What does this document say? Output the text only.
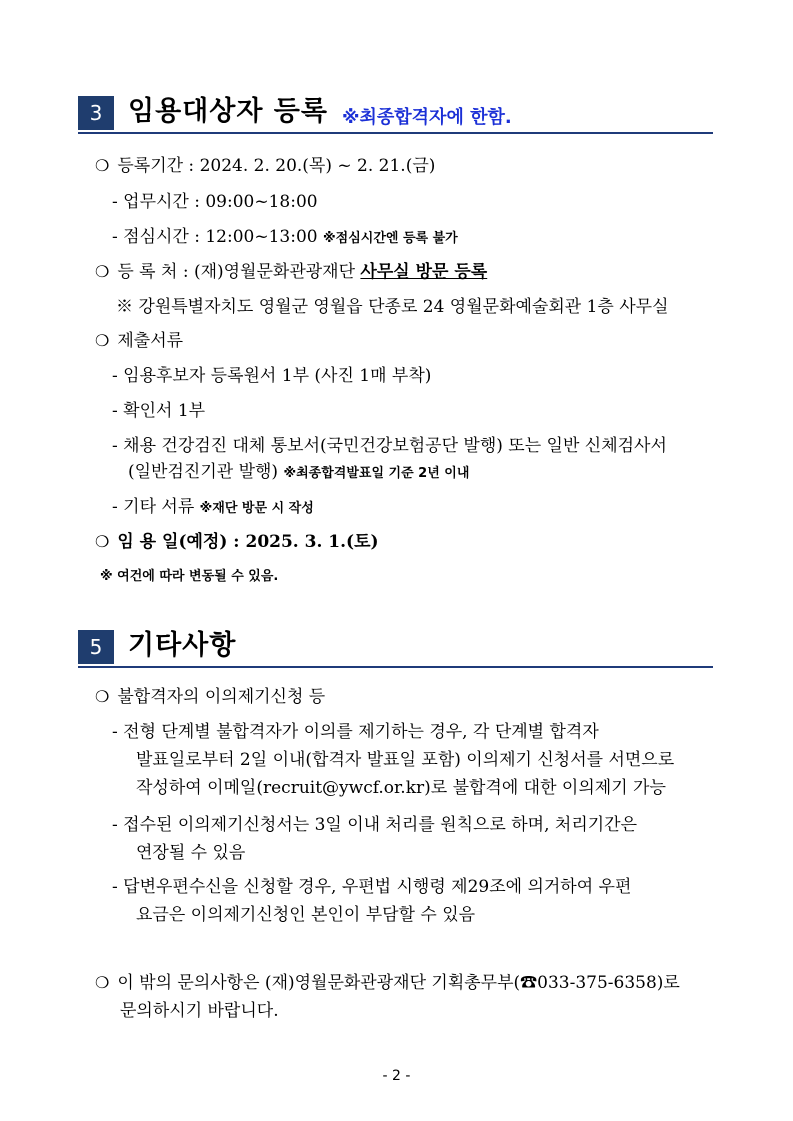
3 임용대상자 등록 ※최종합격자에 한함.
❍ 등록기간 : 2024. 2. 20.(목) ~ 2. 21.(금)
- 업무시간 : 09:00~18:00
- 점심시간 : 12:00~13:00 ※점심시간엔 등록 불가
❍ 등 록 처 : (재)영월문화관광재단 사무실 방문 등록
※ 강원특별자치도 영월군 영월읍 단종로 24 영월문화예술회관 1층 사무실
❍ 제출서류
- 임용후보자 등록원서 1부 (사진 1매 부착)
- 확인서 1부
- 채용 건강검진 대체 통보서(국민건강보험공단 발행) 또는 일반 신체검사서
(일반검진기관 발행) ※최종합격발표일 기준 2년 이내
- 기타 서류 ※재단 방문 시 작성
❍ 임 용 일(예정) : 2025. 3. 1.(토)
※ 여건에 따라 변동될 수 있음.
5 기타사항
❍ 불합격자의 이의제기신청 등
- 전형 단계별 불합격자가 이의를 제기하는 경우, 각 단계별 합격자
발표일로부터 2일 이내(합격자 발표일 포함) 이의제기 신청서를 서면으로
작성하여 이메일(recruit@ywcf.or.kr)로 불합격에 대한 이의제기 가능
- 접수된 이의제기신청서는 3일 이내 처리를 원칙으로 하며, 처리기간은
연장될 수 있음
- 답변우편수신을 신청할 경우, 우편법 시행령 제29조에 의거하여 우편
요금은 이의제기신청인 본인이 부담할 수 있음
❍ 이 밖의 문의사항은 (재)영월문화관광재단 기획총무부(☎033-375-6358)로
문의하시기 바랍니다.
- 2 -
